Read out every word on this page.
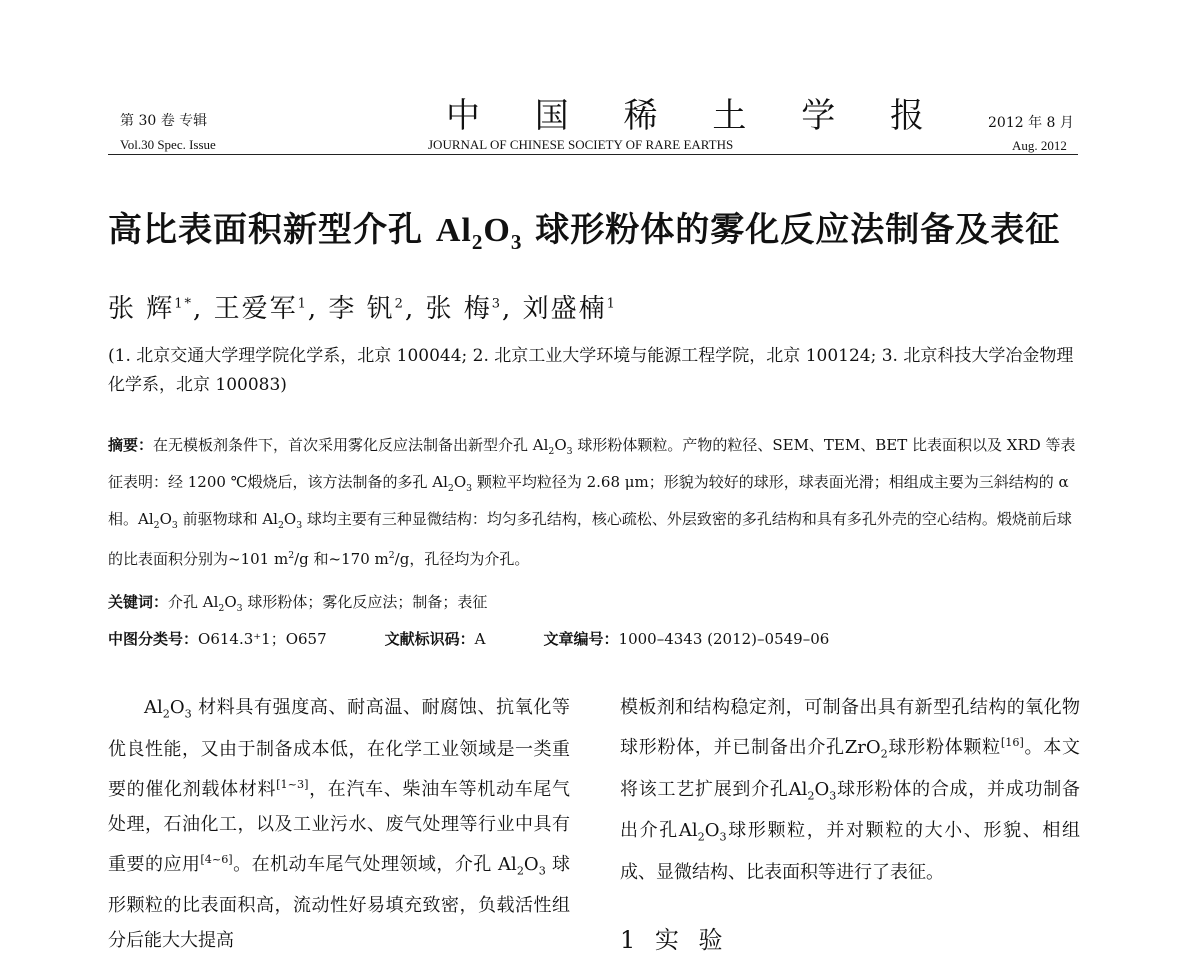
第 30 卷 专辑
Vol.30 Spec. Issue
中 国 稀 土 学 报
JOURNAL OF CHINESE SOCIETY OF RARE EARTHS
2012 年 8 月
Aug. 2012
高比表面积新型介孔 $Al_2O_3$ 球形粉体的雾化反应法制备及表征
张 辉$^{1*}$, 王爱军$^1$, 李 钒$^2$, 张 梅$^3$, 刘盛楠$^1$
(1. 北京交通大学理学院化学系，北京 100044; 2. 北京工业大学环境与能源工程学院，北京 100124; 3. 北京科技大学冶金物理化学系，北京 100083)
摘要：在无模板剂条件下，首次采用雾化反应法制备出新型介孔 $Al_2O_3$ 球形粉体颗粒。产物的粒径、SEM、TEM、BET 比表面积以及 XRD 等表征表明：经 1200 ℃煅烧后，该方法制备的多孔 $Al_2O_3$ 颗粒平均粒径为 2.68 μm；形貌为较好的球形，球表面光滑；相组成主要为三斜结构的 α 相。$Al_2O_3$ 前驱物球和 $Al_2O_3$ 球均主要有三种显微结构：均匀多孔结构，核心疏松、外层致密的多孔结构和具有多孔外壳的空心结构。煅烧前后球的比表面积分别为~101 $m^2/g$ 和~170 $m^2/g$，孔径均为介孔。
关键词：介孔 $Al_2O_3$ 球形粉体；雾化反应法；制备；表征
中图分类号：O614.3⁺1；O657	文献标识码：A	文章编号：1000–4343 (2012)–0549–06
$Al_2O_3$ 材料具有强度高、耐高温、耐腐蚀、抗氧化等优良性能，又由于制备成本低，在化学工业领域是一类重要的催化剂载体材料[1~3]，在汽车、柴油车等机动车尾气处理，石油化工，以及工业污水、废气处理等行业中具有重要的应用[4~6]。在机动车尾气处理领域，介孔 $Al_2O_3$ 球形颗粒的比表面积高，流动性好易填充致密，负载活性组分后能大大提高
模板剂和结构稳定剂，可制备出具有新型孔结构的氧化物球形粉体，并已制备出介孔ZrO$_2$球形粉体颗粒[16]。本文将该工艺扩展到介孔$Al_2O_3$球形粉体的合成，并成功制备出介孔$Al_2O_3$球形颗粒，并对颗粒的大小、形貌、相组成、显微结构、比表面积等进行了表征。
1 实 验
